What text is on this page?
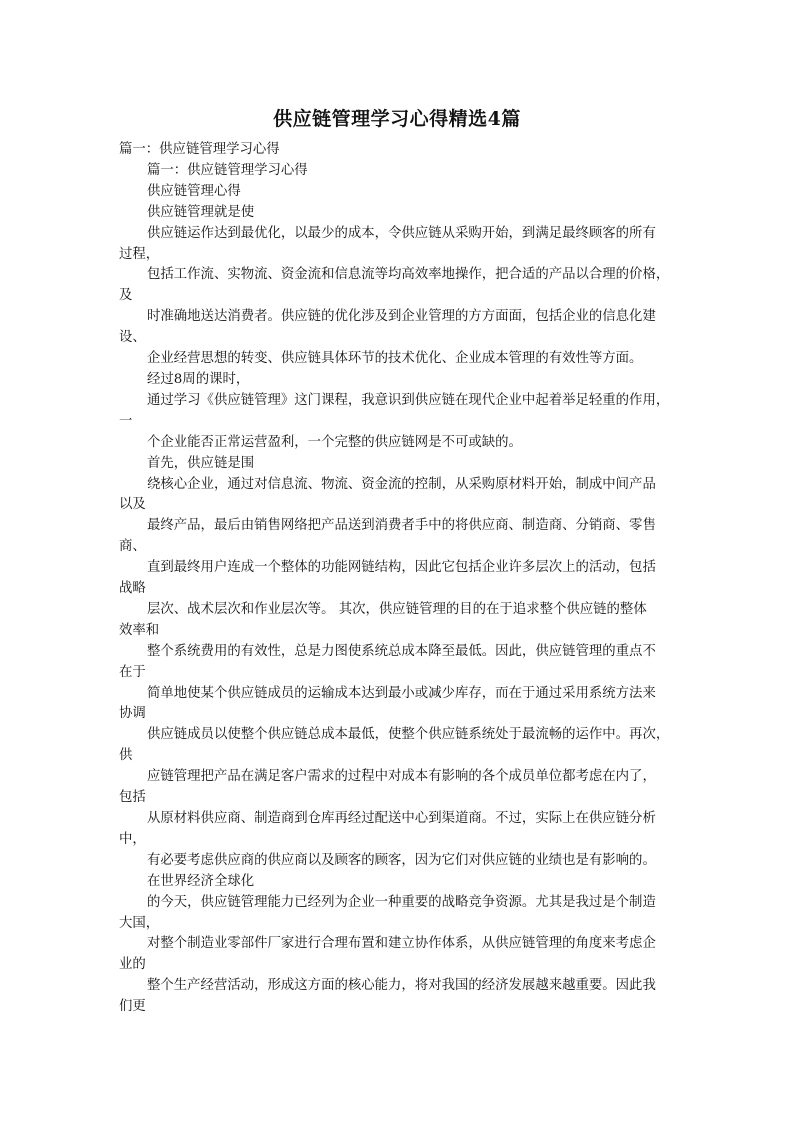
供应链管理学习心得精选4篇

篇一：供应链管理学习心得

篇一：供应链管理学习心得

供应链管理心得

供应链管理就是使

供应链运作达到最优化，以最少的成本，令供应链从采购开始，到满足最终顾客的所有

过程，

包括工作流、实物流、资金流和信息流等均高效率地操作，把合适的产品以合理的价格，

及

时准确地送达消费者。供应链的优化涉及到企业管理的方方面面，包括企业的信息化建

设、

企业经营思想的转变、供应链具体环节的技术优化、企业成本管理的有效性等方面。

经过8周的课时，

通过学习《供应链管理》这门课程，我意识到供应链在现代企业中起着举足轻重的作用，

一

个企业能否正常运营盈利，一个完整的供应链网是不可或缺的。

首先，供应链是围

绕核心企业，通过对信息流、物流、资金流的控制，从采购原材料开始，制成中间产品

以及

最终产品，最后由销售网络把产品送到消费者手中的将供应商、制造商、分销商、零售

商、

直到最终用户连成一个整体的功能网链结构，因此它包括企业许多层次上的活动，包括

战略

层次、战术层次和作业层次等。 其次，供应链管理的目的在于追求整个供应链的整体

效率和

整个系统费用的有效性，总是力图使系统总成本降至最低。因此，供应链管理的重点不

在于

简单地使某个供应链成员的运输成本达到最小或减少库存，而在于通过采用系统方法来

协调

供应链成员以使整个供应链总成本最低，使整个供应链系统处于最流畅的运作中。再次，

供

应链管理把产品在满足客户需求的过程中对成本有影响的各个成员单位都考虑在内了，

包括

从原材料供应商、制造商到仓库再经过配送中心到渠道商。不过，实际上在供应链分析

中，

有必要考虑供应商的供应商以及顾客的顾客，因为它们对供应链的业绩也是有影响的。

在世界经济全球化

的今天，供应链管理能力已经列为企业一种重要的战略竞争资源。尤其是我过是个制造

大国，

对整个制造业零部件厂家进行合理布置和建立协作体系，从供应链管理的角度来考虑企

业的

整个生产经营活动，形成这方面的核心能力，将对我国的经济发展越来越重要。因此我

们更
